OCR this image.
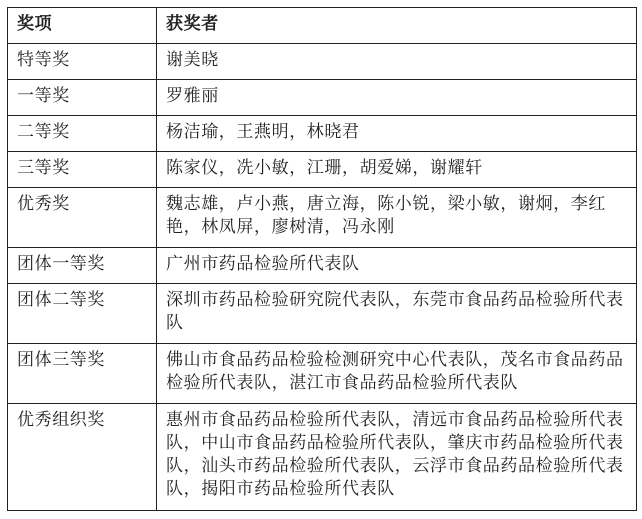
奖项	获奖者
特等奖	谢美晓
一等奖	罗雅丽
二等奖	杨洁瑜，王燕明，林晓君
三等奖	陈家仪，冼小敏，江珊，胡爱娣，谢耀轩
优秀奖	魏志雄，卢小燕，唐立海，陈小锐，梁小敏，谢炯，李红艳，林凤屏，廖树清，冯永刚
团体一等奖	广州市药品检验所代表队
团体二等奖	深圳市药品检验研究院代表队，东莞市食品药品检验所代表队
团体三等奖	佛山市食品药品检验检测研究中心代表队，茂名市食品药品检验所代表队，湛江市食品药品检验所代表队
优秀组织奖	惠州市食品药品检验所代表队，清远市食品药品检验所代表队，中山市食品药品检验所代表队，肇庆市药品检验所代表队，汕头市药品检验所代表队，云浮市食品药品检验所代表队，揭阳市药品检验所代表队
